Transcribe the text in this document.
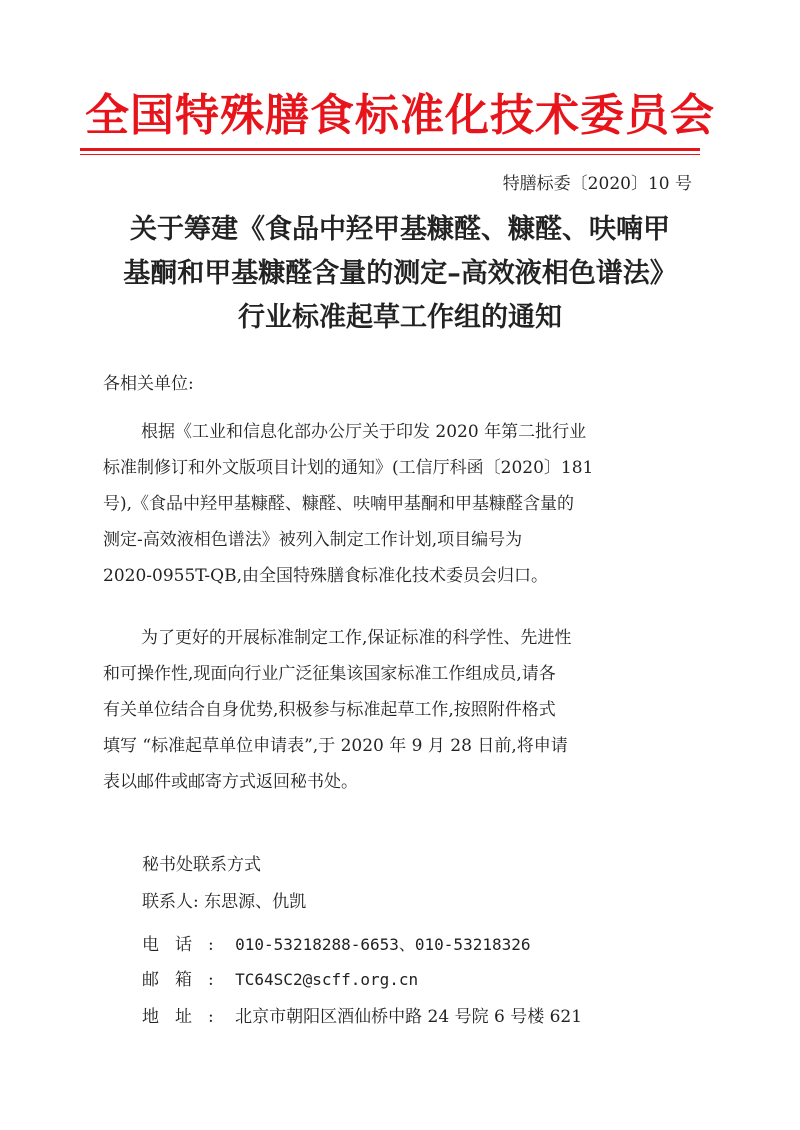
全国特殊膳食标准化技术委员会
特膳标委〔2020〕10 号
关于筹建《食品中羟甲基糠醛、糠醛、呋喃甲
基酮和甲基糠醛含量的测定–高效液相色谱法》
行业标准起草工作组的通知
各相关单位:
根据《工业和信息化部办公厅关于印发 2020 年第二批行业
标准制修订和外文版项目计划的通知》(工信厅科函〔2020〕181
号),《食品中羟甲基糠醛、糠醛、呋喃甲基酮和甲基糠醛含量的
测定-高效液相色谱法》被列入制定工作计划,项目编号为
2020-0955T-QB,由全国特殊膳食标准化技术委员会归口。
为了更好的开展标准制定工作,保证标准的科学性、先进性
和可操作性,现面向行业广泛征集该国家标准工作组成员,请各
有关单位结合自身优势,积极参与标准起草工作,按照附件格式
填写 “标准起草单位申请表”,于 2020 年 9 月 28 日前,将申请
表以邮件或邮寄方式返回秘书处。
秘书处联系方式
联系人: 东思源、仇凯
电话: 010-53218288-6653、010-53218326
邮箱: TC64SC2@scff.org.cn
地址: 北京市朝阳区酒仙桥中路 24 号院 6 号楼 621
